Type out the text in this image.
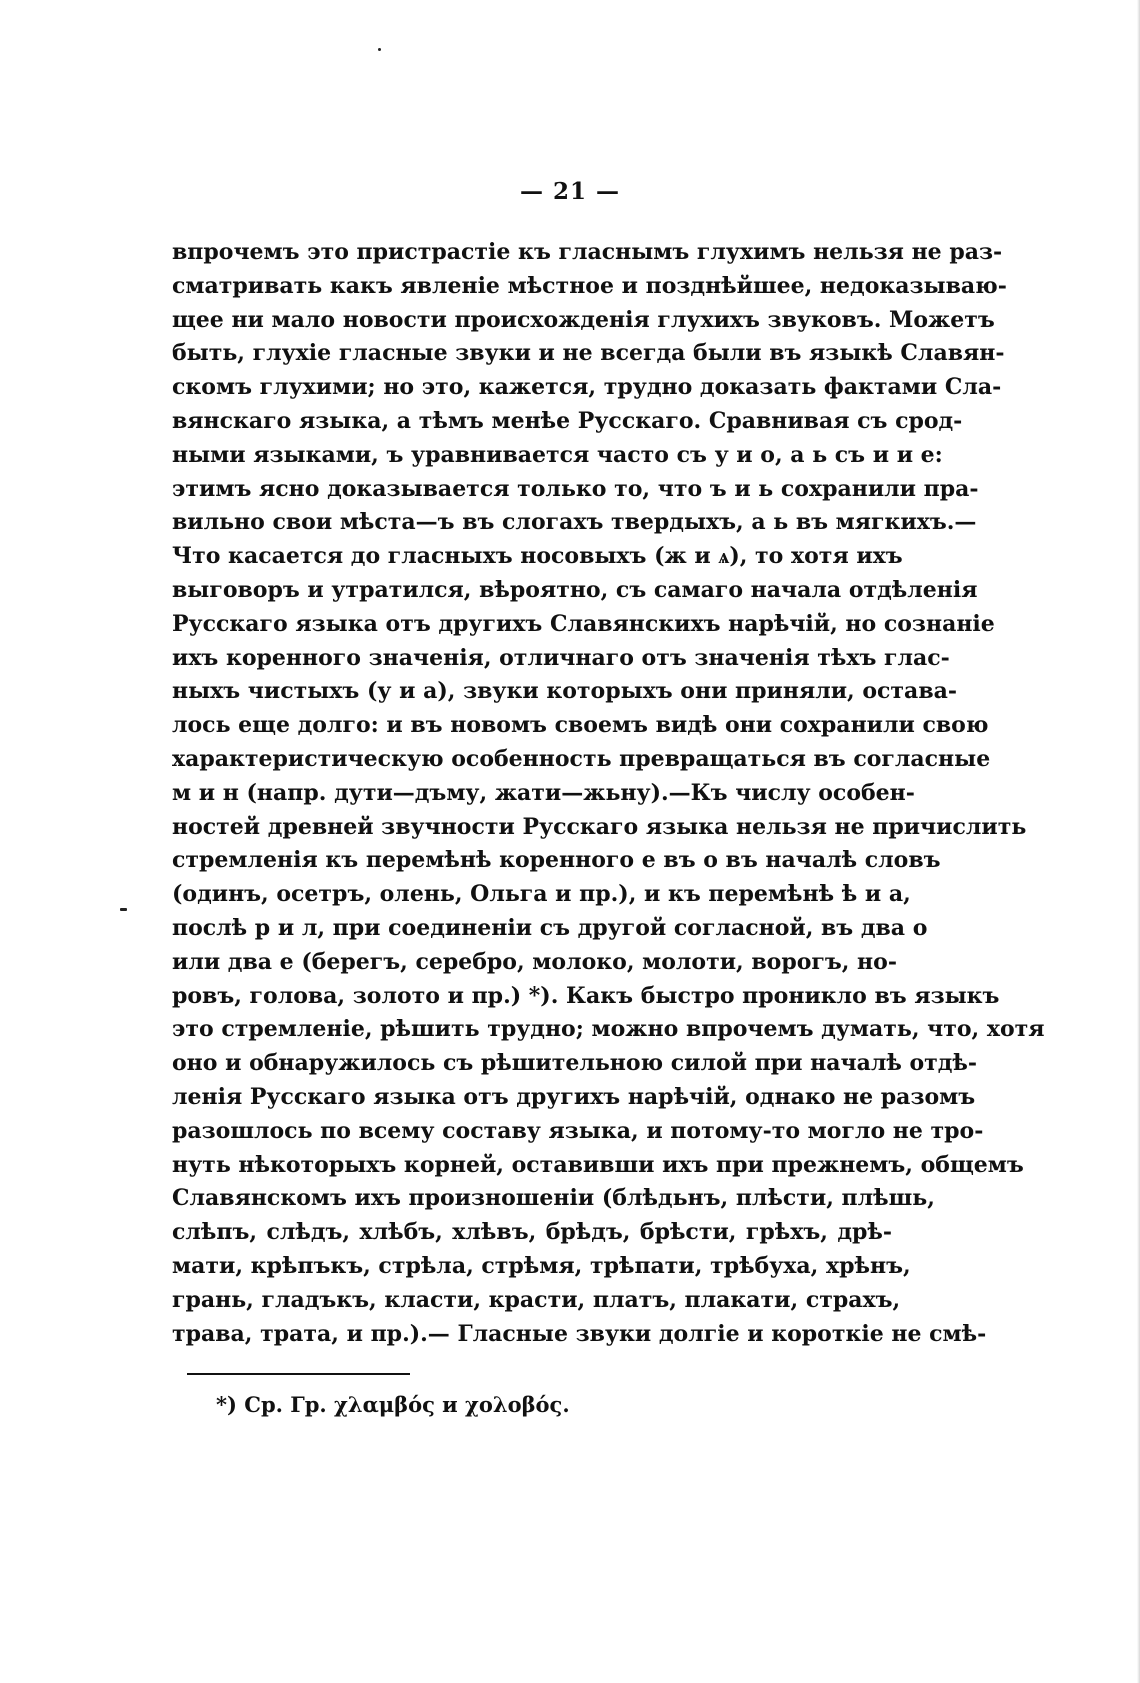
— 21 —
впрочемъ это пристрастіе къ гласнымъ глухимъ нельзя не раз-
сматривать какъ явленіе мѣстное и позднѣйшее, недоказываю-
щее ни мало новости происхожденія глухихъ звуковъ. Можетъ
быть, глухіе гласные звуки и не всегда были въ языкѣ Славян-
скомъ глухими; но это, кажется, трудно доказать фактами Сла-
вянскаго языка, а тѣмъ менѣе Русскаго. Сравнивая съ срод-
ными языками, ъ уравнивается часто съ у и о, а ь съ и и е:
этимъ ясно доказывается только то, что ъ и ь сохранили пра-
вильно свои мѣста—ъ въ слогахъ твердыхъ, а ь въ мягкихъ.—
Что касается до гласныхъ носовыхъ (ж и ѧ), то хотя ихъ
выговоръ и утратился, вѣроятно, съ самаго начала отдѣленія
Русскаго языка отъ другихъ Славянскихъ нарѣчій, но сознаніе
ихъ коренного значенія, отличнаго отъ значенія тѣхъ глас-
ныхъ чистыхъ (у и а), звуки которыхъ они приняли, остава-
лось еще долго: и въ новомъ своемъ видѣ они сохранили свою
характеристическую особенность превращаться въ согласные
м и н (напр. дути—дъму, жати—жьну).—Къ числу особен-
ностей древней звучности Русскаго языка нельзя не причислить
стремленія къ перемѣнѣ коренного е въ о въ началѣ словъ
(одинъ, осетръ, олень, Ольга и пр.), и къ перемѣнѣ ѣ и а,
послѣ р и л, при соединеніи съ другой согласной, въ два о
или два е (берегъ, серебро, молоко, молоти, ворогъ, но-
ровъ, голова, золото и пр.) *). Какъ быстро проникло въ языкъ
это стремленіе, рѣшить трудно; можно впрочемъ думать, что, хотя
оно и обнаружилось съ рѣшительною силой при началѣ отдѣ-
ленія Русскаго языка отъ другихъ нарѣчій, однако не разомъ
разошлось по всему составу языка, и потому-то могло не тро-
нуть нѣкоторыхъ корней, оставивши ихъ при прежнемъ, общемъ
Славянскомъ ихъ произношеніи (блѣдьнъ, плѣсти, плѣшь,
слѣпъ, слѣдъ, хлѣбъ, хлѣвъ, брѣдъ, брѣсти, грѣхъ, дрѣ-
мати, крѣпъкъ, стрѣла, стрѣмя, трѣпати, трѣбуха, хрѣнъ,
грань, гладъкъ, класти, красти, платъ, плакати, страхъ,
трава, трата, и пр.).— Гласные звуки долгіе и короткіе не смѣ-
*) Ср. Гр. χλαμβός и χολοβός.
